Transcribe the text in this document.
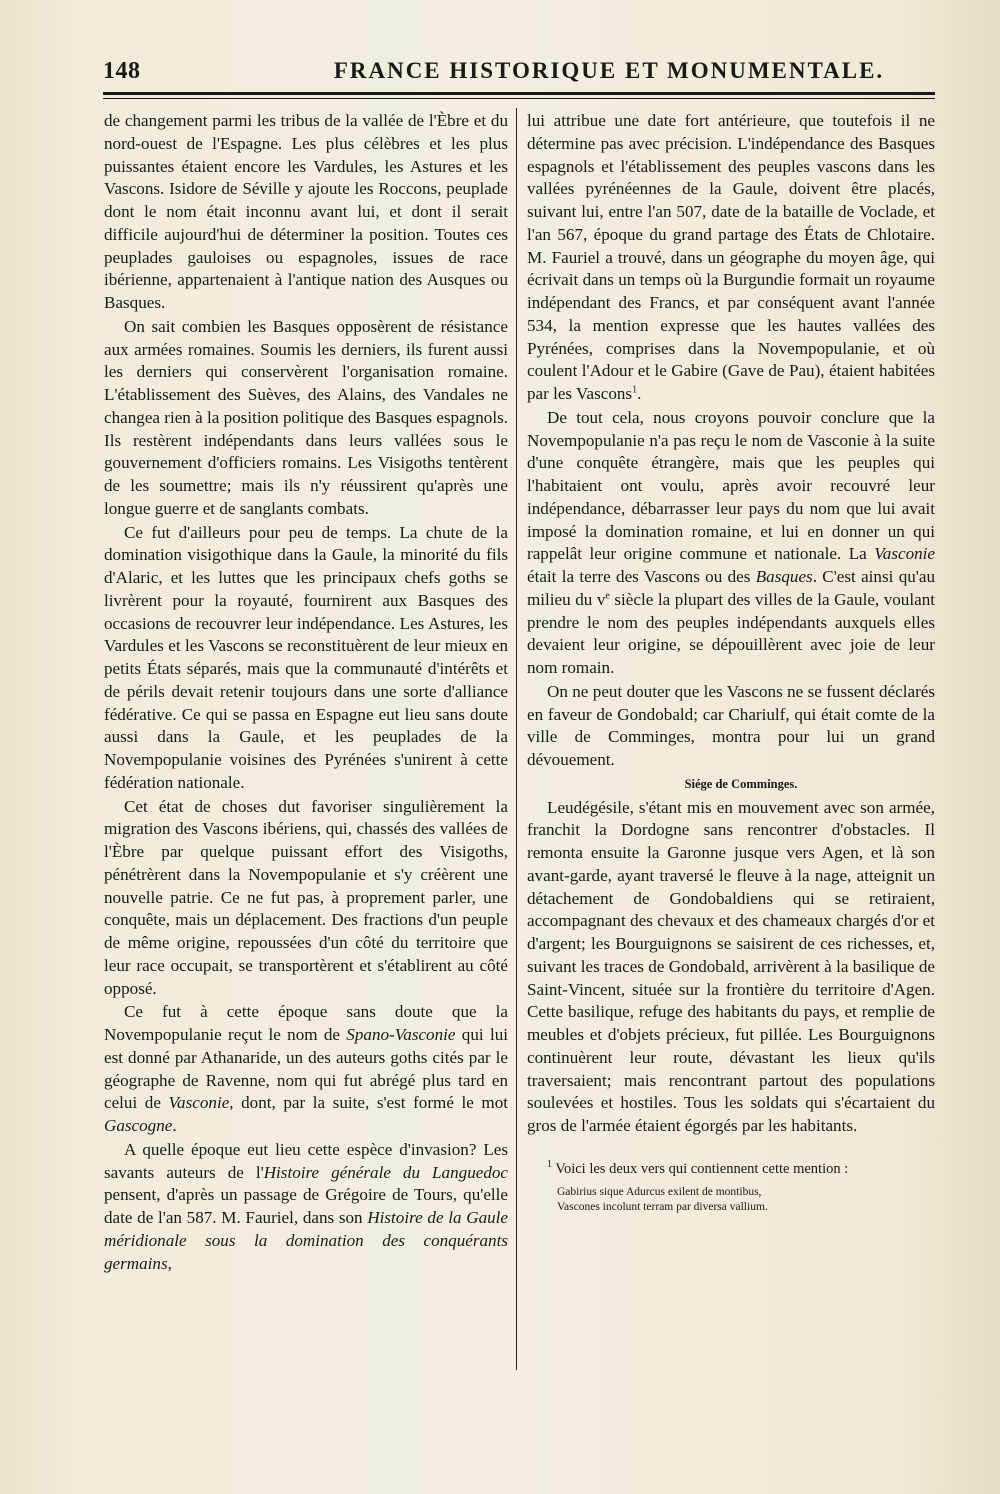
148	FRANCE HISTORIQUE ET MONUMENTALE.

de changement parmi les tribus de la vallée de l'Èbre et du nord-ouest de l'Espagne. Les plus célèbres et les plus puissantes étaient encore les Vardules, les Astures et les Vascons. Isidore de Séville y ajoute les Roccons, peuplade dont le nom était inconnu avant lui, et dont il serait difficile aujourd'hui de déterminer la position. Toutes ces peuplades gauloises ou espagnoles, issues de race ibérienne, appartenaient à l'antique nation des Ausques ou Basques.

On sait combien les Basques opposèrent de résistance aux armées romaines. Soumis les derniers, ils furent aussi les derniers qui conservèrent l'organisation romaine. L'établissement des Suèves, des Alains, des Vandales ne changea rien à la position politique des Basques espagnols. Ils restèrent indépendants dans leurs vallées sous le gouvernement d'officiers romains. Les Visigoths tentèrent de les soumettre; mais ils n'y réussirent qu'après une longue guerre et de sanglants combats.

Ce fut d'ailleurs pour peu de temps. La chute de la domination visigothique dans la Gaule, la minorité du fils d'Alaric, et les luttes que les principaux chefs goths se livrèrent pour la royauté, fournirent aux Basques des occasions de recouvrer leur indépendance. Les Astures, les Vardules et les Vascons se reconstituèrent de leur mieux en petits États séparés, mais que la communauté d'intérêts et de périls devait retenir toujours dans une sorte d'alliance fédérative. Ce qui se passa en Espagne eut lieu sans doute aussi dans la Gaule, et les peuplades de la Novempopulanie voisines des Pyrénées s'unirent à cette fédération nationale.

Cet état de choses dut favoriser singulièrement la migration des Vascons ibériens, qui, chassés des vallées de l'Èbre par quelque puissant effort des Visigoths, pénétrèrent dans la Novempopulanie et s'y créèrent une nouvelle patrie. Ce ne fut pas, à proprement parler, une conquête, mais un déplacement. Des fractions d'un peuple de même origine, repoussées d'un côté du territoire que leur race occupait, se transportèrent et s'établirent au côté opposé.

Ce fut à cette époque sans doute que la Novempopulanie reçut le nom de Spano-Vasconie qui lui est donné par Athanaride, un des auteurs goths cités par le géographe de Ravenne, nom qui fut abrégé plus tard en celui de Vasconie, dont, par la suite, s'est formé le mot Gascogne.

A quelle époque eut lieu cette espèce d'invasion? Les savants auteurs de l'Histoire générale du Languedoc pensent, d'après un passage de Grégoire de Tours, qu'elle date de l'an 587. M. Fauriel, dans son Histoire de la Gaule méridionale sous la domination des conquérants germains,

lui attribue une date fort antérieure, que toutefois il ne détermine pas avec précision. L'indépendance des Basques espagnols et l'établissement des peuples vascons dans les vallées pyrénéennes de la Gaule, doivent être placés, suivant lui, entre l'an 507, date de la bataille de Voclade, et l'an 567, époque du grand partage des États de Chlotaire. M. Fauriel a trouvé, dans un géographe du moyen âge, qui écrivait dans un temps où la Burgundie formait un royaume indépendant des Francs, et par conséquent avant l'année 534, la mention expresse que les hautes vallées des Pyrénées, comprises dans la Novempopulanie, et où coulent l'Adour et le Gabire (Gave de Pau), étaient habitées par les Vascons$^1$.

De tout cela, nous croyons pouvoir conclure que la Novempopulanie n'a pas reçu le nom de Vasconie à la suite d'une conquête étrangère, mais que les peuples qui l'habitaient ont voulu, après avoir recouvré leur indépendance, débarrasser leur pays du nom que lui avait imposé la domination romaine, et lui en donner un qui rappelât leur origine commune et nationale. La Vasconie était la terre des Vascons ou des Basques. C'est ainsi qu'au milieu du $v^e$ siècle la plupart des villes de la Gaule, voulant prendre le nom des peuples indépendants auxquels elles devaient leur origine, se dépouillèrent avec joie de leur nom romain.

On ne peut douter que les Vascons ne se fussent déclarés en faveur de Gondobald; car Chariulf, qui était comte de la ville de Comminges, montra pour lui un grand dévouement.

Siége de Comminges.

Leudégésile, s'étant mis en mouvement avec son armée, franchit la Dordogne sans rencontrer d'obstacles. Il remonta ensuite la Garonne jusque vers Agen, et là son avant-garde, ayant traversé le fleuve à la nage, atteignit un détachement de Gondobaldiens qui se retiraient, accompagnant des chevaux et des chameaux chargés d'or et d'argent; les Bourguignons se saisirent de ces richesses, et, suivant les traces de Gondobald, arrivèrent à la basilique de Saint-Vincent, située sur la frontière du territoire d'Agen. Cette basilique, refuge des habitants du pays, et remplie de meubles et d'objets précieux, fut pillée. Les Bourguignons continuèrent leur route, dévastant les lieux qu'ils traversaient; mais rencontrant partout des populations soulevées et hostiles. Tous les soldats qui s'écartaient du gros de l'armée étaient égorgés par les habitants.

$^1$ Voici les deux vers qui contiennent cette mention :

Gabirius sique Adurcus exilent de montibus,
Vascones incolunt terram par diversa vallium.
